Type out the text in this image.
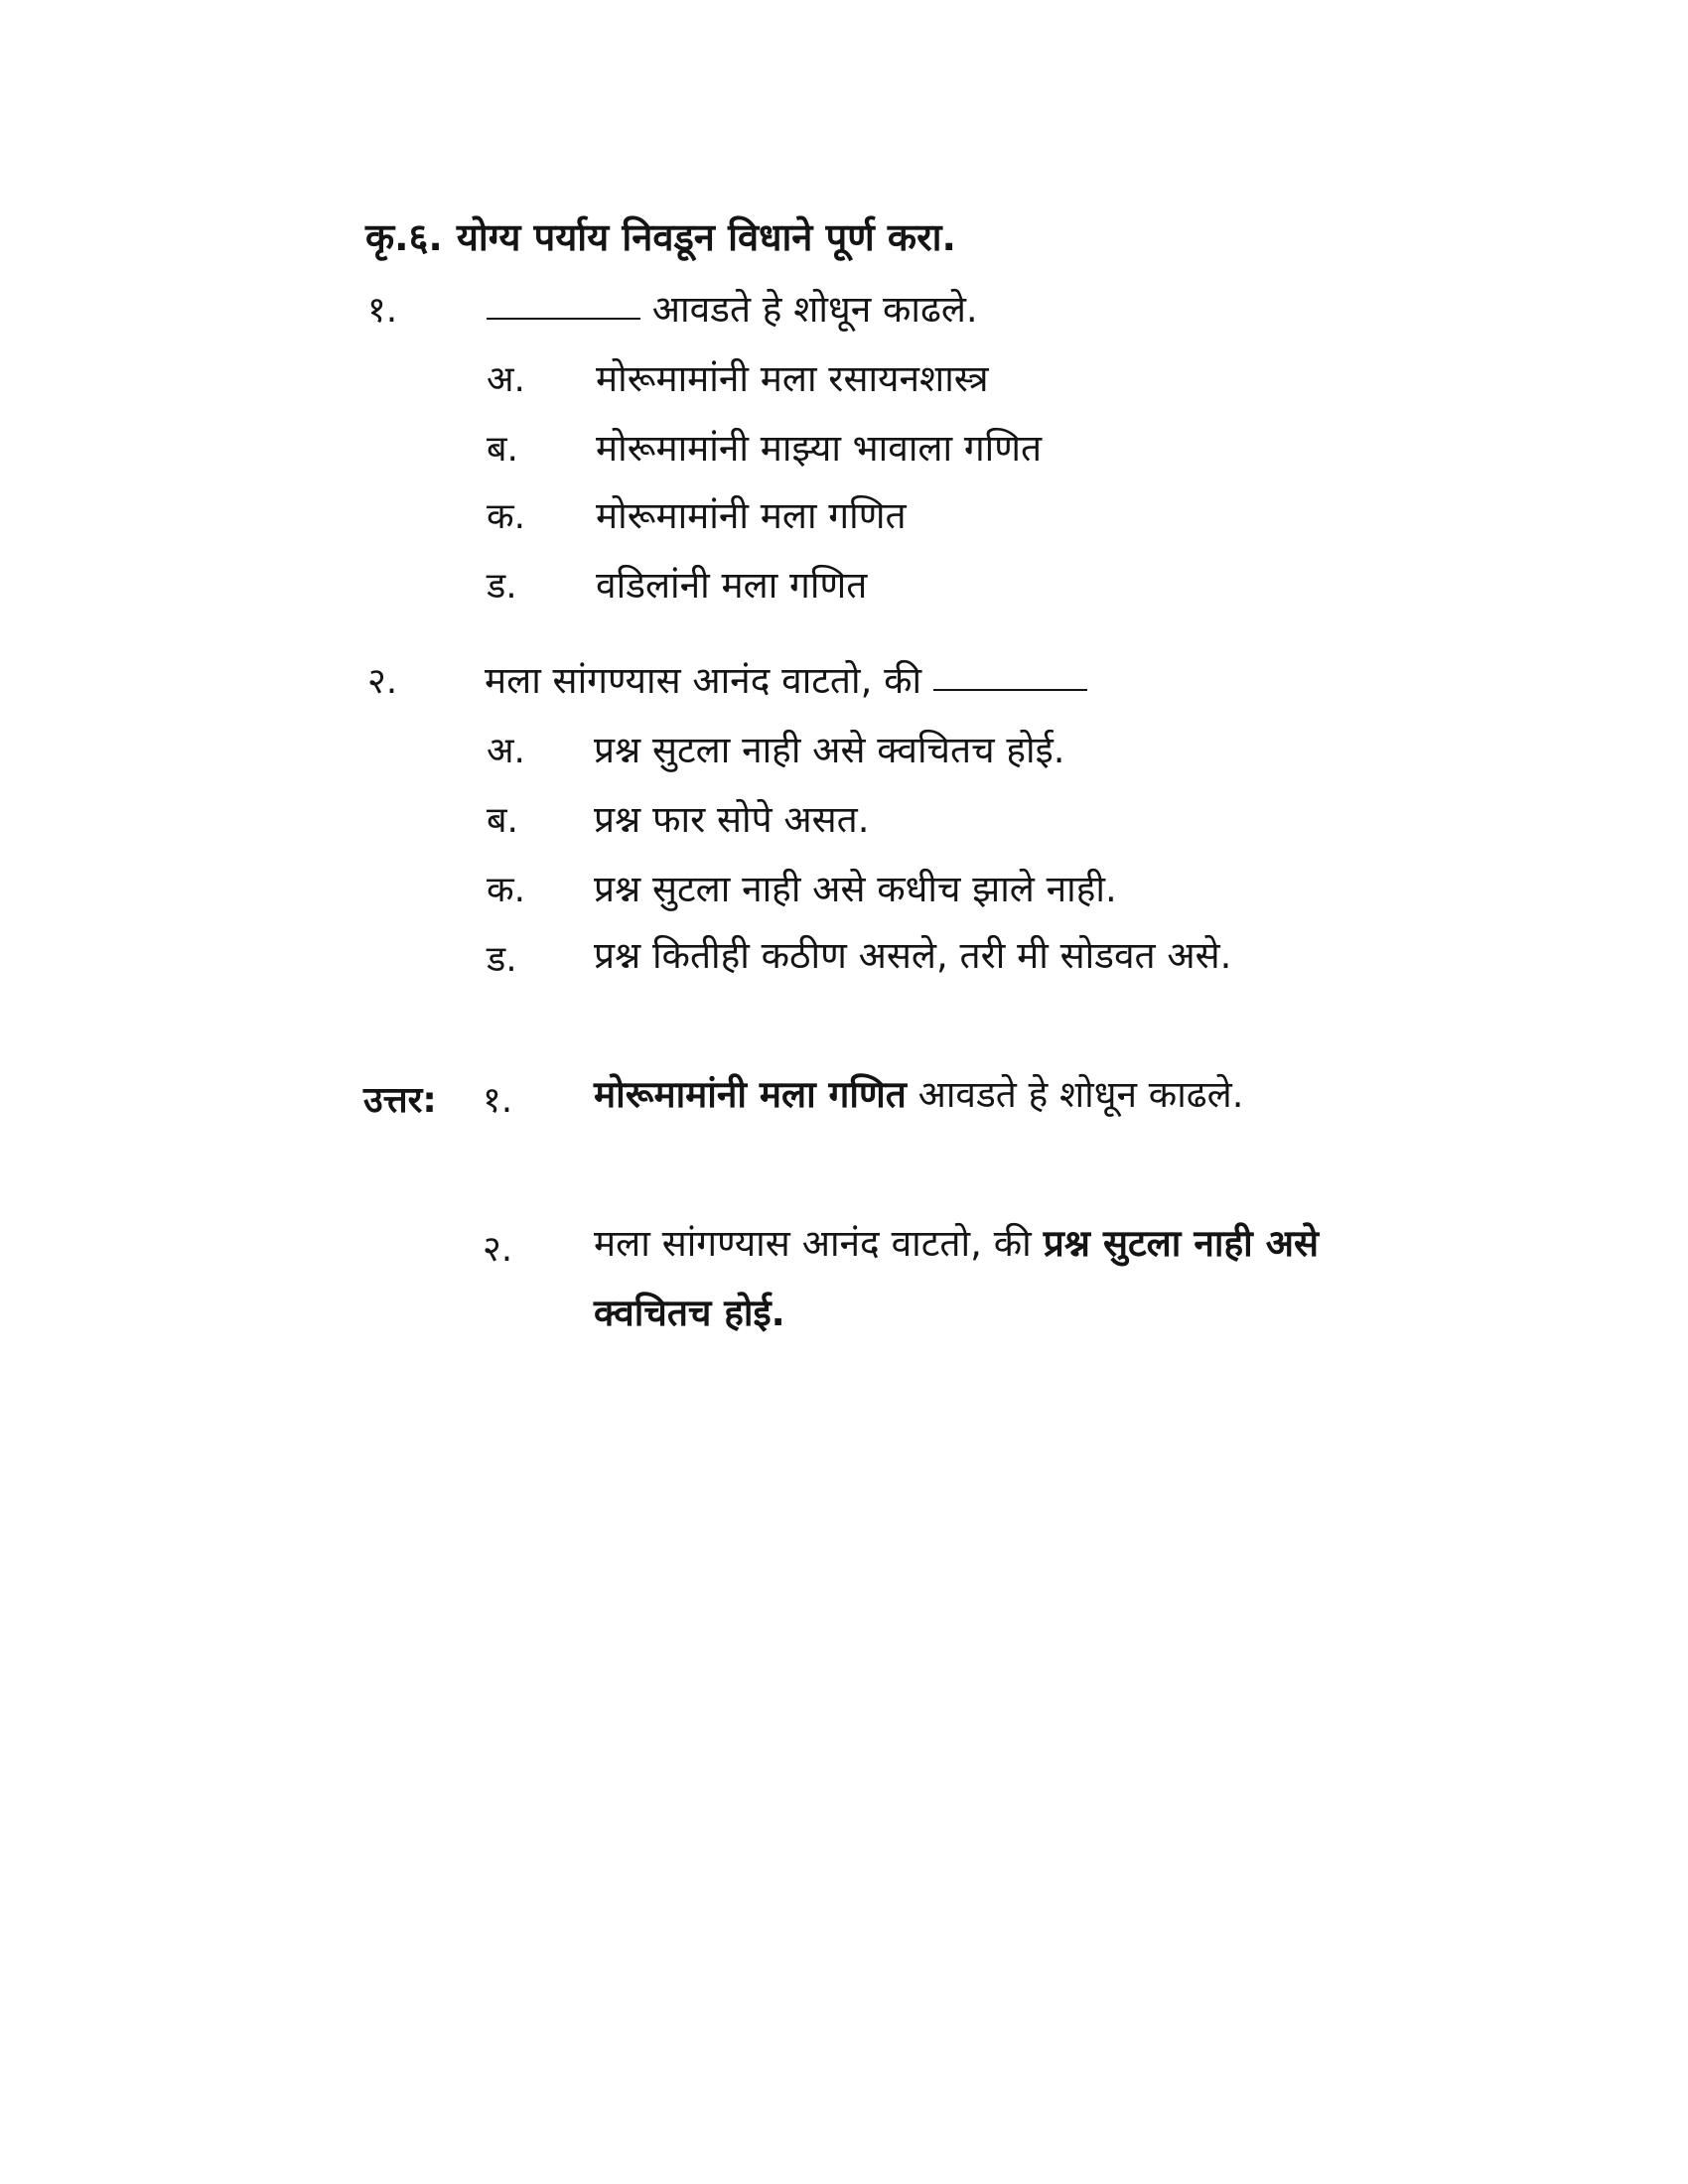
कृ.६. योग्य पर्याय निवडून विधाने पूर्ण करा.
१.	आवडते हे शोधून काढले.
अ. मोरूमामांनी मला रसायनशास्त्र
ब. मोरूमामांनी माझ्या भावाला गणित
क. मोरूमामांनी मला गणित
ड. वडिलांनी मला गणित
२. मला सांगण्यास आनंद वाटतो, की
अ. प्रश्न सुटला नाही असे क्वचितच होई.
ब. प्रश्न फार सोपे असत.
क. प्रश्न सुटला नाही असे कधीच झाले नाही.
ड. प्रश्न कितीही कठीण असले, तरी मी सोडवत असे.
उत्तर: १. मोरूमामांनी मला गणित आवडते हे शोधून काढले.
२. मला सांगण्यास आनंद वाटतो, की प्रश्न सुटला नाही असे क्वचितच होई.
